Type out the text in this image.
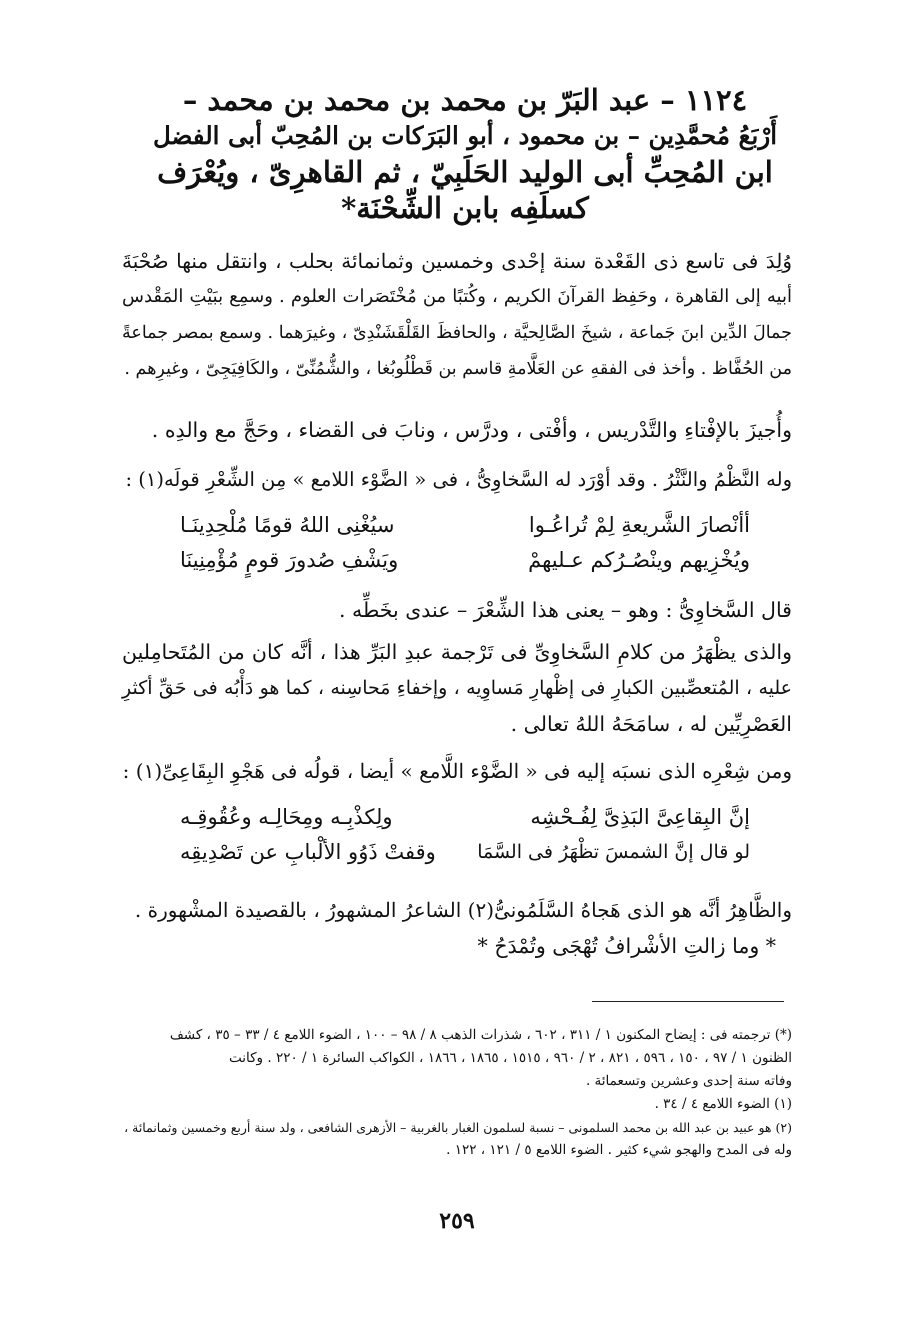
١١٢٤ – عبد البَرّ بن محمد بن محمد بن محمد –
أَرْبَعُ مُحمَّدِين – بن محمود ، أبو البَرَكات بن المُحِبّ أبى الفضل
ابن المُحِبِّ أبى الوليد الحَلَبِيّ ، ثم القاهرِىّ ، ويُعْرَف
كسلَفِه بابن الشِّحْنَة*
وُلِدَ فى تاسع ذى القَعْدة سنة إحْدى وخمسين وثمانمائة بحلب ، وانتقل منها صُحْبَةَ
أبيه إلى القاهرة ، وحَفِظ القرآنَ الكريم ، وكُتبًا من مُخْتَصَرات العلوم . وسمِع ببَيْتِ المَقْدس
جمالَ الدِّين ابنَ جَماعة ، شيخَ الصَّالِحيَّة ، والحافظَ القَلْقَشَنْدِىّ ، وغيرَهما . وسمع بمصر جماعةً
من الحُفَّاظ . وأخذ فى الفقهِ عن العَلَّامةِ قاسم بن قَطْلُوبُغا ، والشُّمُنِّىّ ، والكَافِيَجِىّ ، وغيرِهم .
وأُجيزَ بالإفْتاءِ والتَّدْريس ، وأفْتى ، ودرَّس ، ونابَ فى القضاء ، وحَجَّ مع والدِه .
وله النَّظْمُ والنَّثْرُ . وقد أوْرَد له السَّخاوِىُّ ، فى « الضَّوْء اللامع » مِن الشِّعْرِ قولَه(١) :
أأنْصارَ الشَّريعةِ لِمْ تُراعُـوا
سيُغْنِى اللهُ قومًا مُلْحِدِينَـا
ويُخْزِيهم وينْصُـرُكم عـليهمْ
ويَشْفِ صُدورَ قومٍ مُؤْمِنِينَا
قال السَّخاوِىُّ : وهو – يعنى هذا الشِّعْرَ – عندى بخَطِّه .
والذى يظْهَرُ من كلامِ السَّخاوِىِّ فى تَرْجمة عبدِ البَرِّ هذا ، أنَّه كان من المُتَحامِلين
عليه ، المُتعصِّبين الكبارِ فى إظْهارِ مَساوِيه ، وإخفاءِ مَحاسِنه ، كما هو دَأْبُه فى حَقِّ أكثرِ
العَصْرِيِّين له ، سامَحَهُ اللهُ تعالى .
ومن شِعْرِه الذى نسبَه إليه فى « الضَّوْء اللَّامع » أيضا ، قولُه فى هَجْوِ البِقَاعِىِّ(١) :
إنَّ البِقاعِىَّ البَذِىَّ لِفُـحْشِه
ولِكذْبِـه ومِحَالِـه وعُقُوقِـه
لو قال إنَّ الشمسَ تظْهَرُ فى السَّمَا
وقفتْ ذَوُو الألْبابِ عن تَصْدِيقِه
والظَّاهِرُ أنَّه هو الذى هَجاهُ السَّلَمُونىُّ(٢) الشاعرُ المشهورُ ، بالقصيدة المشْهورة .
* وما زالتِ الأشْرافُ تُهْجَى وتُمْدَحُ *
(*) ترجمته فى : إيضاح المكنون ١ / ٣١١ ، ٦٠٢ ، شذرات الذهب ٨ / ٩٨ – ١٠٠ ، الضوء اللامع ٤ / ٣٣ – ٣٥ ، كشف
الظنون ١ / ٩٧ ، ١٥٠ ، ٥٩٦ ، ٨٢١ ، ٢ / ٩٦٠ ، ١٥١٥ ، ١٨٦٥ ، ١٨٦٦ ، الكواكب السائرة ١ / ٢٢٠ . وكانت
وفاته سنة إحدى وعشرين وتسعمائة .
(١) الضوء اللامع ٤ / ٣٤ .
(٢) هو عبيد بن عبد الله بن محمد السلمونى – نسبة لسلمون الغبار بالغربية – الأزهرى الشافعى ، ولد سنة أربع وخمسين وثمانمائة ،
وله فى المدح والهجو شيء كثير . الضوء اللامع ٥ / ١٢١ ، ١٢٢ .
٢٥٩
